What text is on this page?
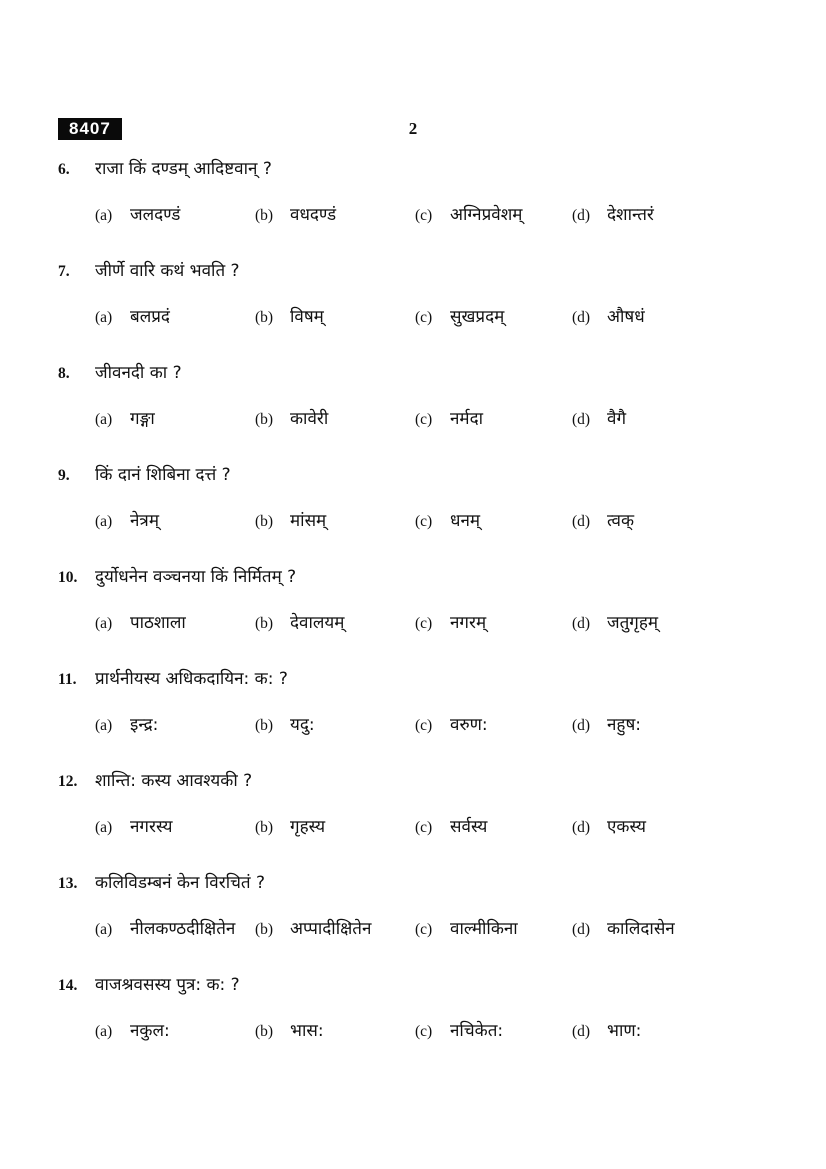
8407	2
6.	राजा किं दण्डम् आदिष्टवान् ?
(a)	जलदण्डं	(b) वधदण्डं	(c)	अग्निप्रवेशम्	(d) देशान्तरं
7.	जीर्णे वारि कथं भवति ?
(a)	बलप्रदं	(b) विषम्	(c)	सुखप्रदम्	(d) औषधं
8.	जीवनदी का ?
(a)	गङ्गा	(b) कावेरी	(c)	नर्मदा	(d) वैगै
9.	किं दानं शिबिना दत्तं ?
(a)	नेत्रम्	(b) मांसम्	(c)	धनम्	(d) त्वक्
10.	दुर्योधनेन वञ्चनया किं निर्मितम् ?
(a)	पाठशाला	(b) देवालयम्	(c)	नगरम्	(d) जतुगृहम्
11.	प्रार्थनीयस्य अधिकदायिन: क: ?
(a)	इन्द्र:	(b) यदु:	(c)	वरुण:	(d) नहुष:
12.	शान्ति: कस्य आवश्यकी ?
(a)	नगरस्य	(b) गृहस्य	(c)	सर्वस्य	(d) एकस्य
13.	कलिविडम्बनं केन विरचितं ?
(a)	नीलकण्ठदीक्षितेन	(b) अप्पादीक्षितेन	(c)	वाल्मीकिना	(d) कालिदासेन
14.	वाजश्रवसस्य पुत्र: क: ?
(a)	नकुल:	(b) भास:	(c)	नचिकेत:	(d) भाण:
